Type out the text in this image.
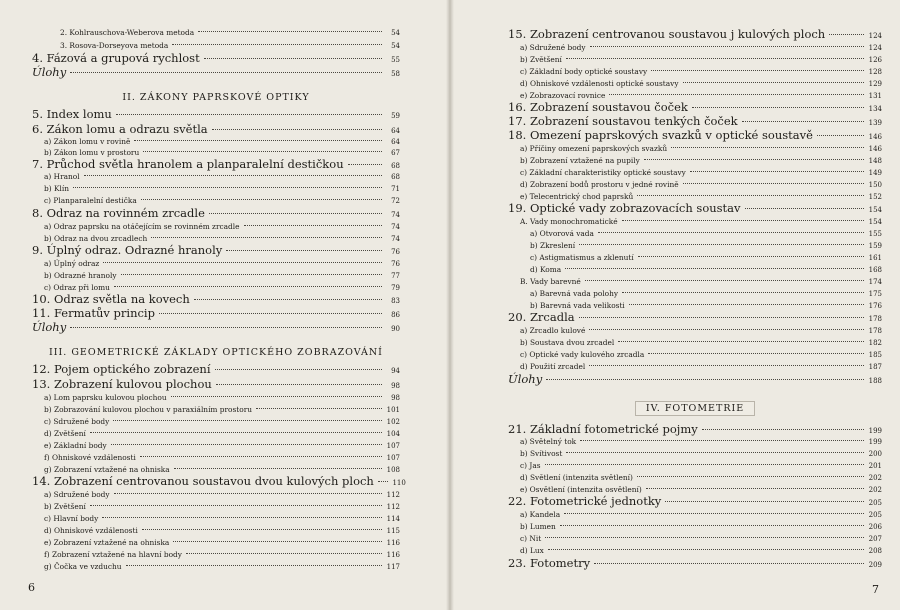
2. Kohlrauschova-Weberova metoda	54
3. Rosova-Dorseyova metoda	54
4. Fázová a grupová rychlost	55
Úlohy	58
II. ZÁKONY PAPRSKOVÉ OPTIKY
5. Index lomu	59
6. Zákon lomu a odrazu světla	64
a) Zákon lomu v rovině	64
b) Zákon lomu v prostoru	67
7. Průchod světla hranolem a planparalelní destičkou	68
a) Hranol	68
b) Klín	71
c) Planparalelní destička	72
8. Odraz na rovinném zrcadle	74
a) Odraz paprsku na otáčejícím se rovinném zrcadle	74
b) Odraz na dvou zrcadlech	74
9. Úplný odraz. Odrazné hranoly	76
a) Úplný odraz	76
b) Odrazné hranoly	77
c) Odraz při lomu	79
10. Odraz světla na kovech	83
11. Fermatův princip	86
Úlohy	90
III. GEOMETRICKÉ ZÁKLADY OPTICKÉHO ZOBRAZOVÁNÍ
12. Pojem optického zobrazení	94
13. Zobrazení kulovou plochou	98
a) Lom paprsku kulovou plochou	98
b) Zobrazování kulovou plochou v paraxiálním prostoru	101
c) Sdružené body	102
d) Zvětšení	104
e) Základní body	107
f) Ohniskové vzdálenosti	107
g) Zobrazení vztažené na ohniska	108
14. Zobrazení centrovanou soustavou dvou kulových ploch	110
a) Sdružené body	112
b) Zvětšení	112
c) Hlavní body	114
d) Ohniskové vzdálenosti	115
e) Zobrazení vztažené na ohniska	116
f) Zobrazení vztažené na hlavní body	116
g) Čočka ve vzduchu	117
6
15. Zobrazení centrovanou soustavou j kulových ploch	124
a) Sdružené body	124
b) Zvětšení	126
c) Základní body optické soustavy	128
d) Ohniskové vzdálenosti optické soustavy	129
e) Zobrazovací rovnice	131
16. Zobrazení soustavou čoček	134
17. Zobrazení soustavou tenkých čoček	139
18. Omezení paprskových svazků v optické soustavě	146
a) Příčiny omezení paprskových svazků	146
b) Zobrazení vztažené na pupily	148
c) Základní charakteristiky optické soustavy	149
d) Zobrazení bodů prostoru v jedné rovině	150
e) Telecentrický chod paprsků	152
19. Optické vady zobrazovacích soustav	154
A. Vady monochromatické	154
a) Otvorová vada	155
b) Zkreslení	159
c) Astigmatismus a zklenutí	161
d) Koma	168
B. Vady barevné	174
a) Barevná vada polohy	175
b) Barevná vada velikosti	176
20. Zrcadla	178
a) Zrcadlo kulové	178
b) Soustava dvou zrcadel	182
c) Optické vady kulového zrcadla	185
d) Použití zrcadel	187
Úlohy	188
IV. FOTOMETRIE
21. Základní fotometrické pojmy	199
a) Světelný tok	199
b) Svítivost	200
c) Jas	201
d) Světlení (intenzita světlení)	202
e) Osvětlení (intenzita osvětlení)	202
22. Fotometrické jednotky	205
a) Kandela	205
b) Lumen	206
c) Nit	207
d) Lux	208
23. Fotometry	209
7
